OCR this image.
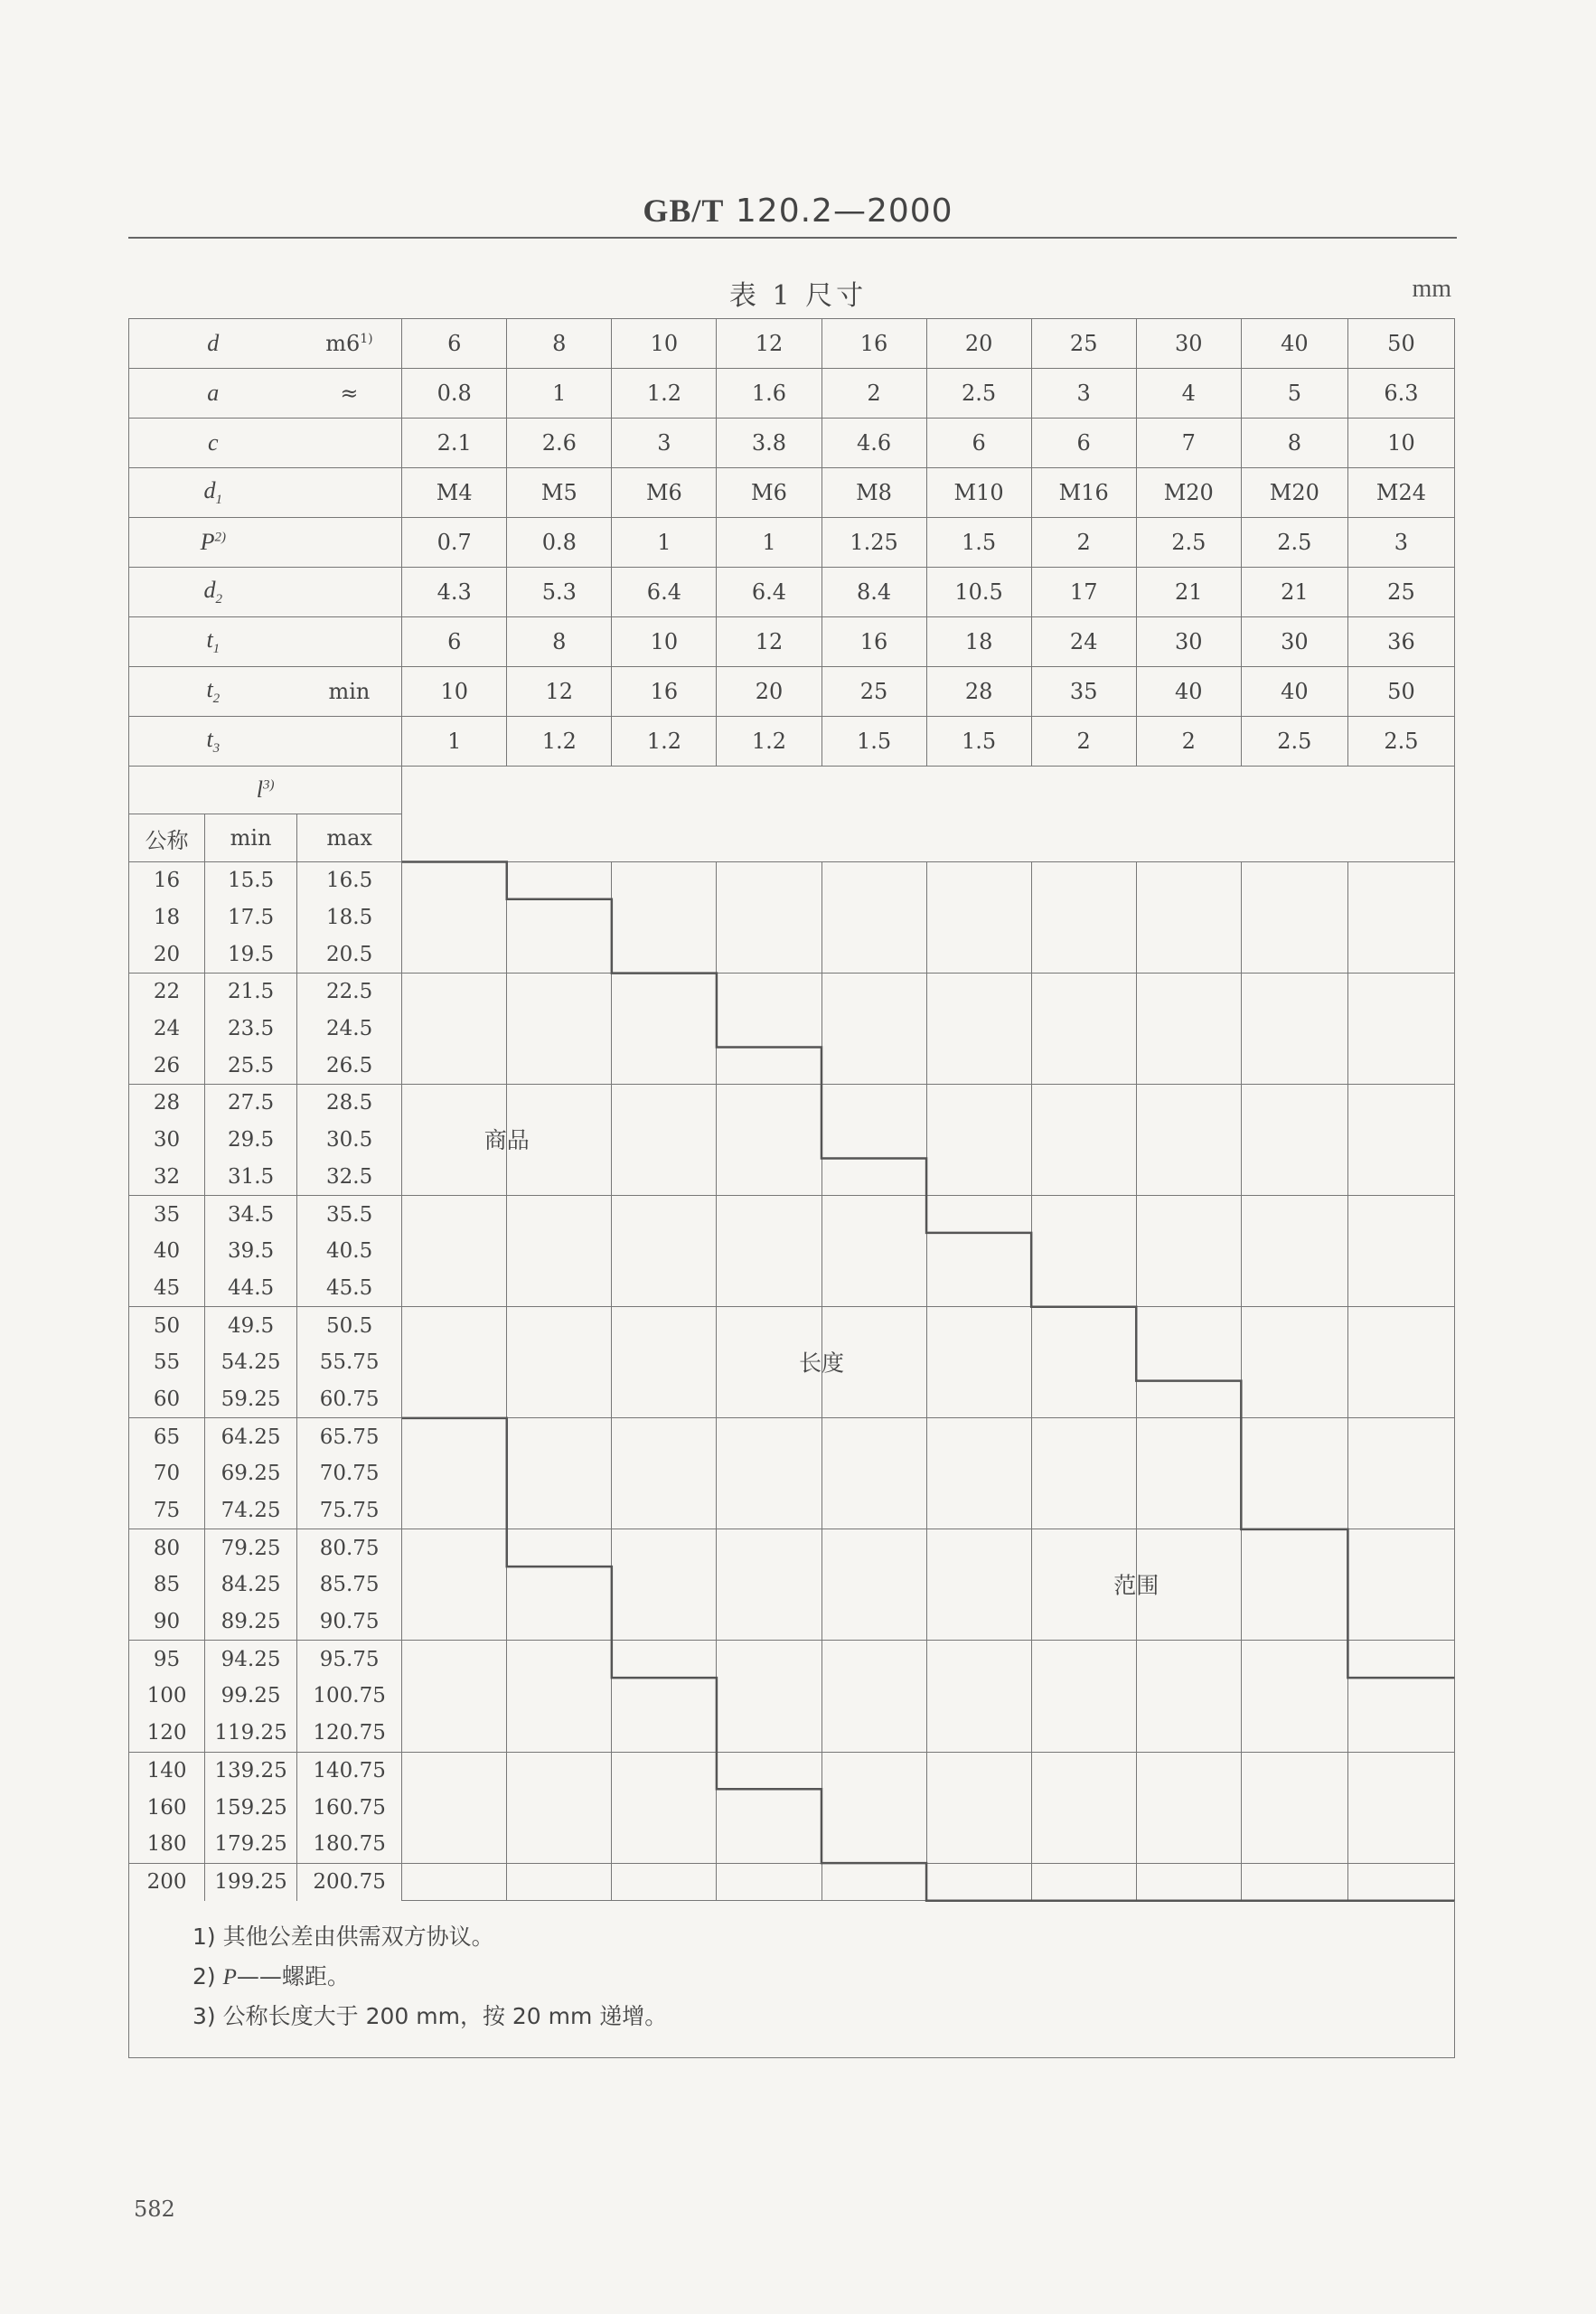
GB/T 120.2—2000
表 1 尺寸	mm
d		m6$^{1)}$	6	8	10	12	16	20	25	30	40	50

a		≈	0.8	1	1.2	1.6	2	2.5	3	4	5	6.3

c			2.1	2.6	3	3.8	4.6	6	6	7	8	10

$d_1$			M4	M5	M6	M6	M8	M10	M16	M20	M20	M24

$P^{2)}$			0.7	0.8	1	1	1.25	1.5	2	2.5	2.5	3

$d_2$			4.3	5.3	6.4	6.4	8.4	10.5	17	21	21	25

$t_1$			6	8	10	12	16	18	24	30	30	36

$t_2$		min	10	12	16	20	25	28	35	40	40	50

$t_3$			1	1.2	1.2	1.2	1.5	1.5	2	2	2.5	2.5
$l^{3)}$	
公称	min	max										
16	15.5	16.5										
18	17.5	18.5										
20	19.5	20.5										
22	21.5	22.5										
24	23.5	24.5										
26	25.5	26.5										
28	27.5	28.5										
30	29.5	30.5										
32	31.5	32.5										
35	34.5	35.5										
40	39.5	40.5										
45	44.5	45.5										
50	49.5	50.5										
55	54.25	55.75										
60	59.25	60.75										
65	64.25	65.75										
70	69.25	70.75										
75	74.25	75.75										
80	79.25	80.75										
85	84.25	85.75										
90	89.25	90.75										
95	94.25	95.75										
100	99.25	100.75										
120	119.25	120.75										
140	139.25	140.75										
160	159.25	160.75										
180	179.25	180.75										
200	199.25	200.75										
商品
长度
范围
1) 其他公差由供需双方协议。
2) P——螺距。
3) 公称长度大于 200 mm，按 20 mm 递增。
582
